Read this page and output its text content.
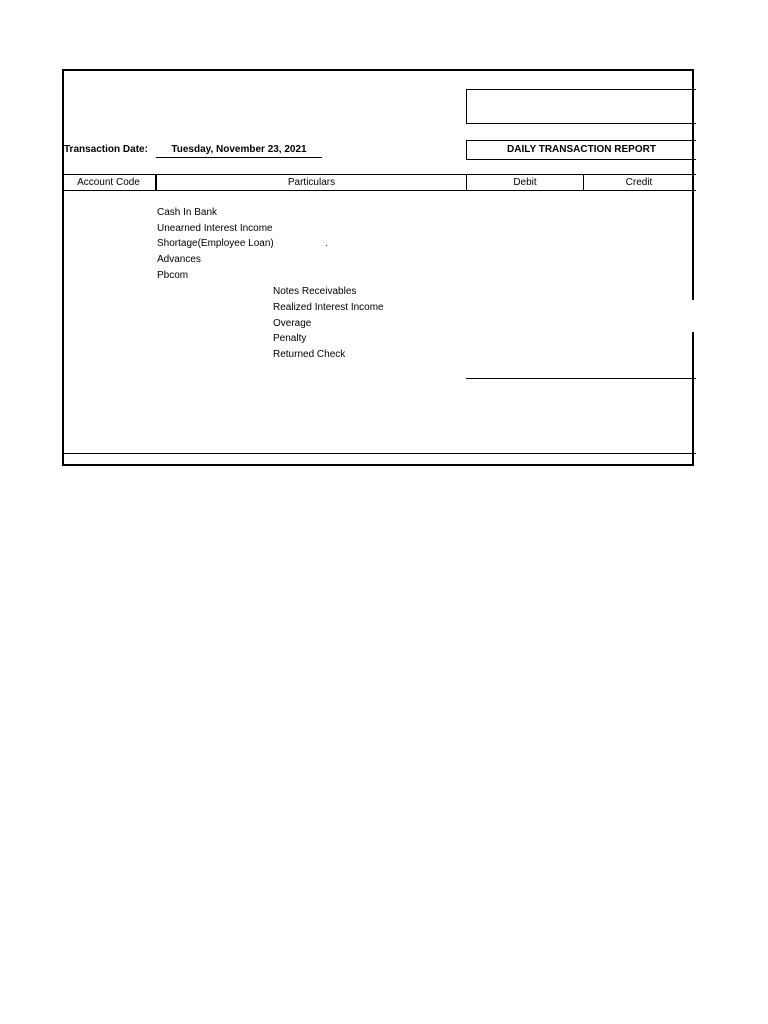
DAILY TRANSACTION REPORT
Transaction Date:	Tuesday, November 23, 2021
Account Code	Particulars	Debit	Credit
Cash In Bank
Unearned Interest Income
Shortage(Employee Loan)	.
Advances
Pbcom
Notes Receivables
Realized Interest Income
Overage
Penalty
Returned Check
